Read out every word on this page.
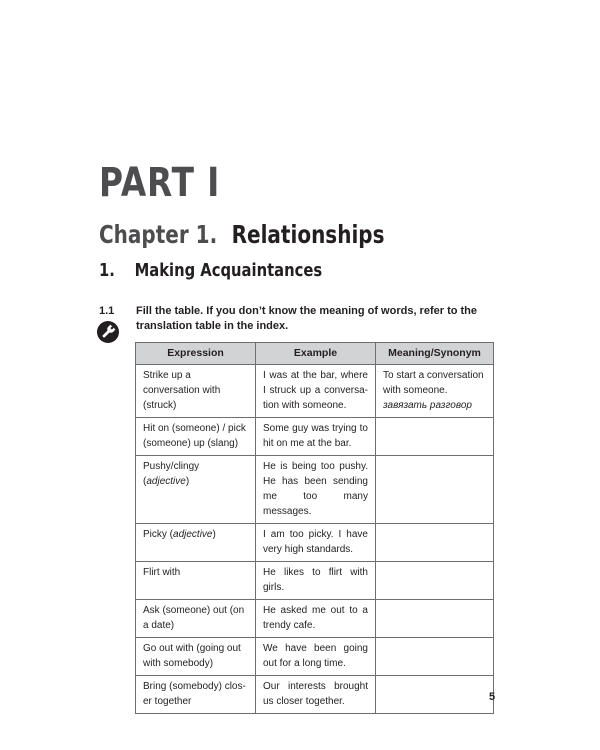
PART I
Chapter 1. Relationships
1. Making Acquaintances
1.1 Fill the table. If you don’t know the meaning of words, refer to the translation table in the index.
Expression	Example	Meaning/Synonym
Strike up a conversation with (struck)	I was at the bar, where I struck up a conversa-tion with someone.	To start a conversation with someone.
завязать разговор
Hit on (someone) / pick (someone) up (slang)	Some guy was trying to hit on me at the bar.	
Pushy/clingy (adjective)	He is being too pushy. He has been sending me too many messages.	
Picky (adjective)	I am too picky. I have very high standards.	
Flirt with	He likes to flirt with girls.	
Ask (someone) out (on a date)	He asked me out to a trendy cafe.	
Go out with (going out with somebody)	We have been going out for a long time.	
Bring (somebody) clos-er together	Our interests brought us closer together.		5
